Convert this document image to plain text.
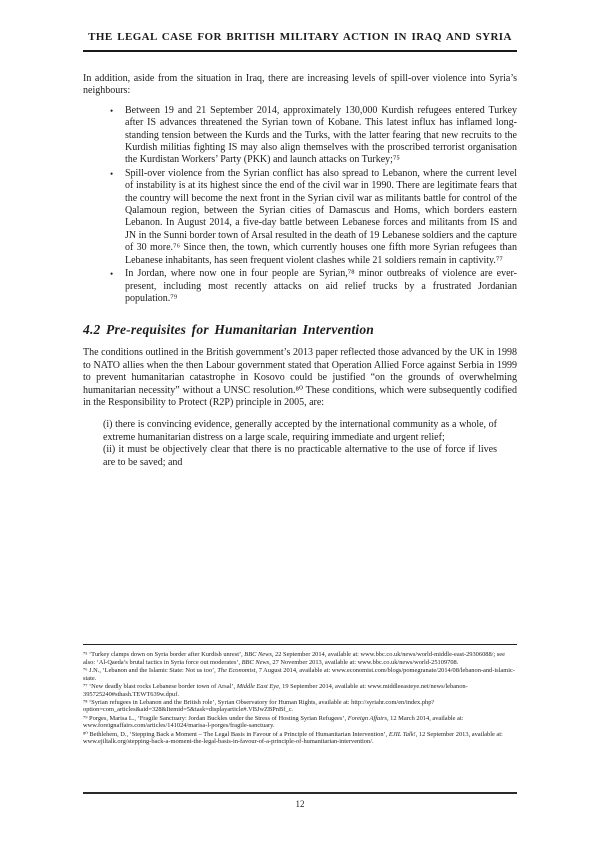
THE LEGAL CASE FOR BRITISH MILITARY ACTION IN IRAQ AND SYRIA

In addition, aside from the situation in Iraq, there are increasing levels of spill-over violence into Syria’s neighbours:

•	Between 19 and 21 September 2014, approximately 130,000 Kurdish refugees entered Turkey after IS advances threatened the Syrian town of Kobane. This latest influx has inflamed long-standing tension between the Kurds and the Turks, with the latter fearing that new recruits to the Kurdish militias fighting IS may also align themselves with the proscribed terrorist organisation the Kurdistan Workers’ Party (PKK) and launch attacks on Turkey;⁷⁵
•	Spill-over violence from the Syrian conflict has also spread to Lebanon, where the current level of instability is at its highest since the end of the civil war in 1990. There are legitimate fears that the country will become the next front in the Syrian civil war as militants battle for control of the Qalamoun region, between the Syrian cities of Damascus and Homs, which borders eastern Lebanon. In August 2014, a five-day battle between Lebanese forces and militants from IS and JN in the Sunni border town of Arsal resulted in the death of 19 Lebanese soldiers and the capture of 30 more.⁷⁶ Since then, the town, which currently houses one fifth more Syrian refugees than Lebanese inhabitants, has seen frequent violent clashes while 21 soldiers remain in captivity.⁷⁷
•	In Jordan, where now one in four people are Syrian,⁷⁸ minor outbreaks of violence are ever-present, including most recently attacks on aid relief trucks by a frustrated Jordanian population.⁷⁹
4.2 Pre-requisites for Humanitarian Intervention

The conditions outlined in the British government’s 2013 paper reflected those advanced by the UK in 1998 to NATO allies when the then Labour government stated that Operation Allied Force against Serbia in 1999 to prevent humanitarian catastrophe in Kosovo could be justified “on the grounds of overwhelming humanitarian necessity” without a UNSC resolution.⁸⁰ These conditions, which were subsequently codified in the Responsibility to Protect (R2P) principle in 2005, are:

(i) there is convincing evidence, generally accepted by the international community as a whole, of extreme humanitarian distress on a large scale, requiring immediate and urgent relief;

(ii) it must be objectively clear that there is no practicable alternative to the use of force if lives are to be saved; and

⁷⁵ ‘Turkey clamps down on Syria border after Kurdish unrest’, BBC News, 22 September 2014, available at: www.bbc.co.uk/news/world-middle-east-29306088/; see also: ‘Al-Qaeda’s brutal tactics in Syria force out moderates’, BBC News, 27 November 2013, available at: www.bbc.co.uk/news/world-25109708.

⁷⁶ J.N., ‘Lebanon and the Islamic State: Not us too’, The Economist, 7 August 2014, available at: www.economist.com/blogs/pomegranate/2014/08/lebanon-and-islamic-state.

⁷⁷ ‘New deadly blast rocks Lebanese border town of Arsal’, Middle East Eye, 19 September 2014, available at: www.middleeasteye.net/news/lebanon-395725240#sthash.TEWT639w.dpuf.

⁷⁸ ‘Syrian refugees in Lebanon and the British role’, Syrian Observatory for Human Rights, available at: http://syriahr.com/en/index.php?option=com_articles&aid=328&Itemid=5&task=displayarticle#.VBJwZBPnBf_c.

⁷⁹ Porges, Marisa L., ‘Fragile Sanctuary: Jordan Buckles under the Stress of Hosting Syrian Refugees’, Foreign Affairs, 12 March 2014, available at: www.foreignaffairs.com/articles/141024/marisa-l-porges/fragile-sanctuary.

⁸⁰ Bethlehem, D., ‘Stepping Back a Moment – The Legal Basis in Favour of a Principle of Humanitarian Intervention’, EJIL Talk!, 12 September 2013, available at: www.ejiltalk.org/stepping-back-a-moment-the-legal-basis-in-favour-of-a-principle-of-humanitarian-intervention/.

12
